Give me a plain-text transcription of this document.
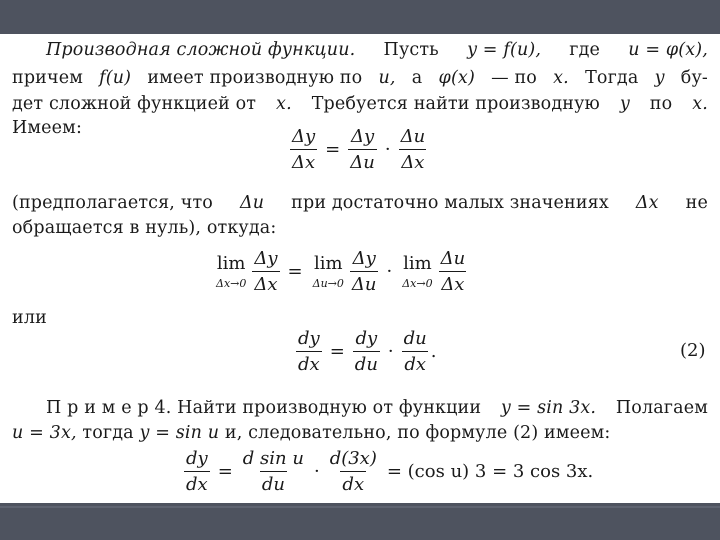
Производная сложной функции. Пусть y = f(u), где u = φ(x),
причем f(u) имеет производную по u, а φ(x) — по x. Тогда y бу-
дет сложной функцией от x. Требуется найти производную y по x.
Имеем:	$\frac{\Delta y}{\Delta x} = \frac{\Delta y}{\Delta u} \cdot \frac{\Delta u}{\Delta x}$
(предполагается, что Δu при достаточно малых значениях Δx не
обращается в нуль), откуда:
lim
$\Delta x\to 0 \frac{\Delta y}{\Delta x} = \lim$
$\Delta u\to 0 \frac{\Delta y}{\Delta u} \cdot \lim$
$\Delta x\to 0 \frac{\Delta u}{\Delta x}$
или
$\frac{dy}{dx} = \frac{dy}{du} \cdot \frac{du}{dx}$ .	(2)
П р и м е р 4. Найти производную от функции y = sin 3x. Полагаем
u = 3x, тогда y = sin u и, следовательно, по формуле (2) имеем:
$\frac{dy}{dx} = \frac{\text{d sin u}}{du} \cdot \frac{d(3x)}{dx} = (\cos$ u) 3 = 3 cos 3x.
